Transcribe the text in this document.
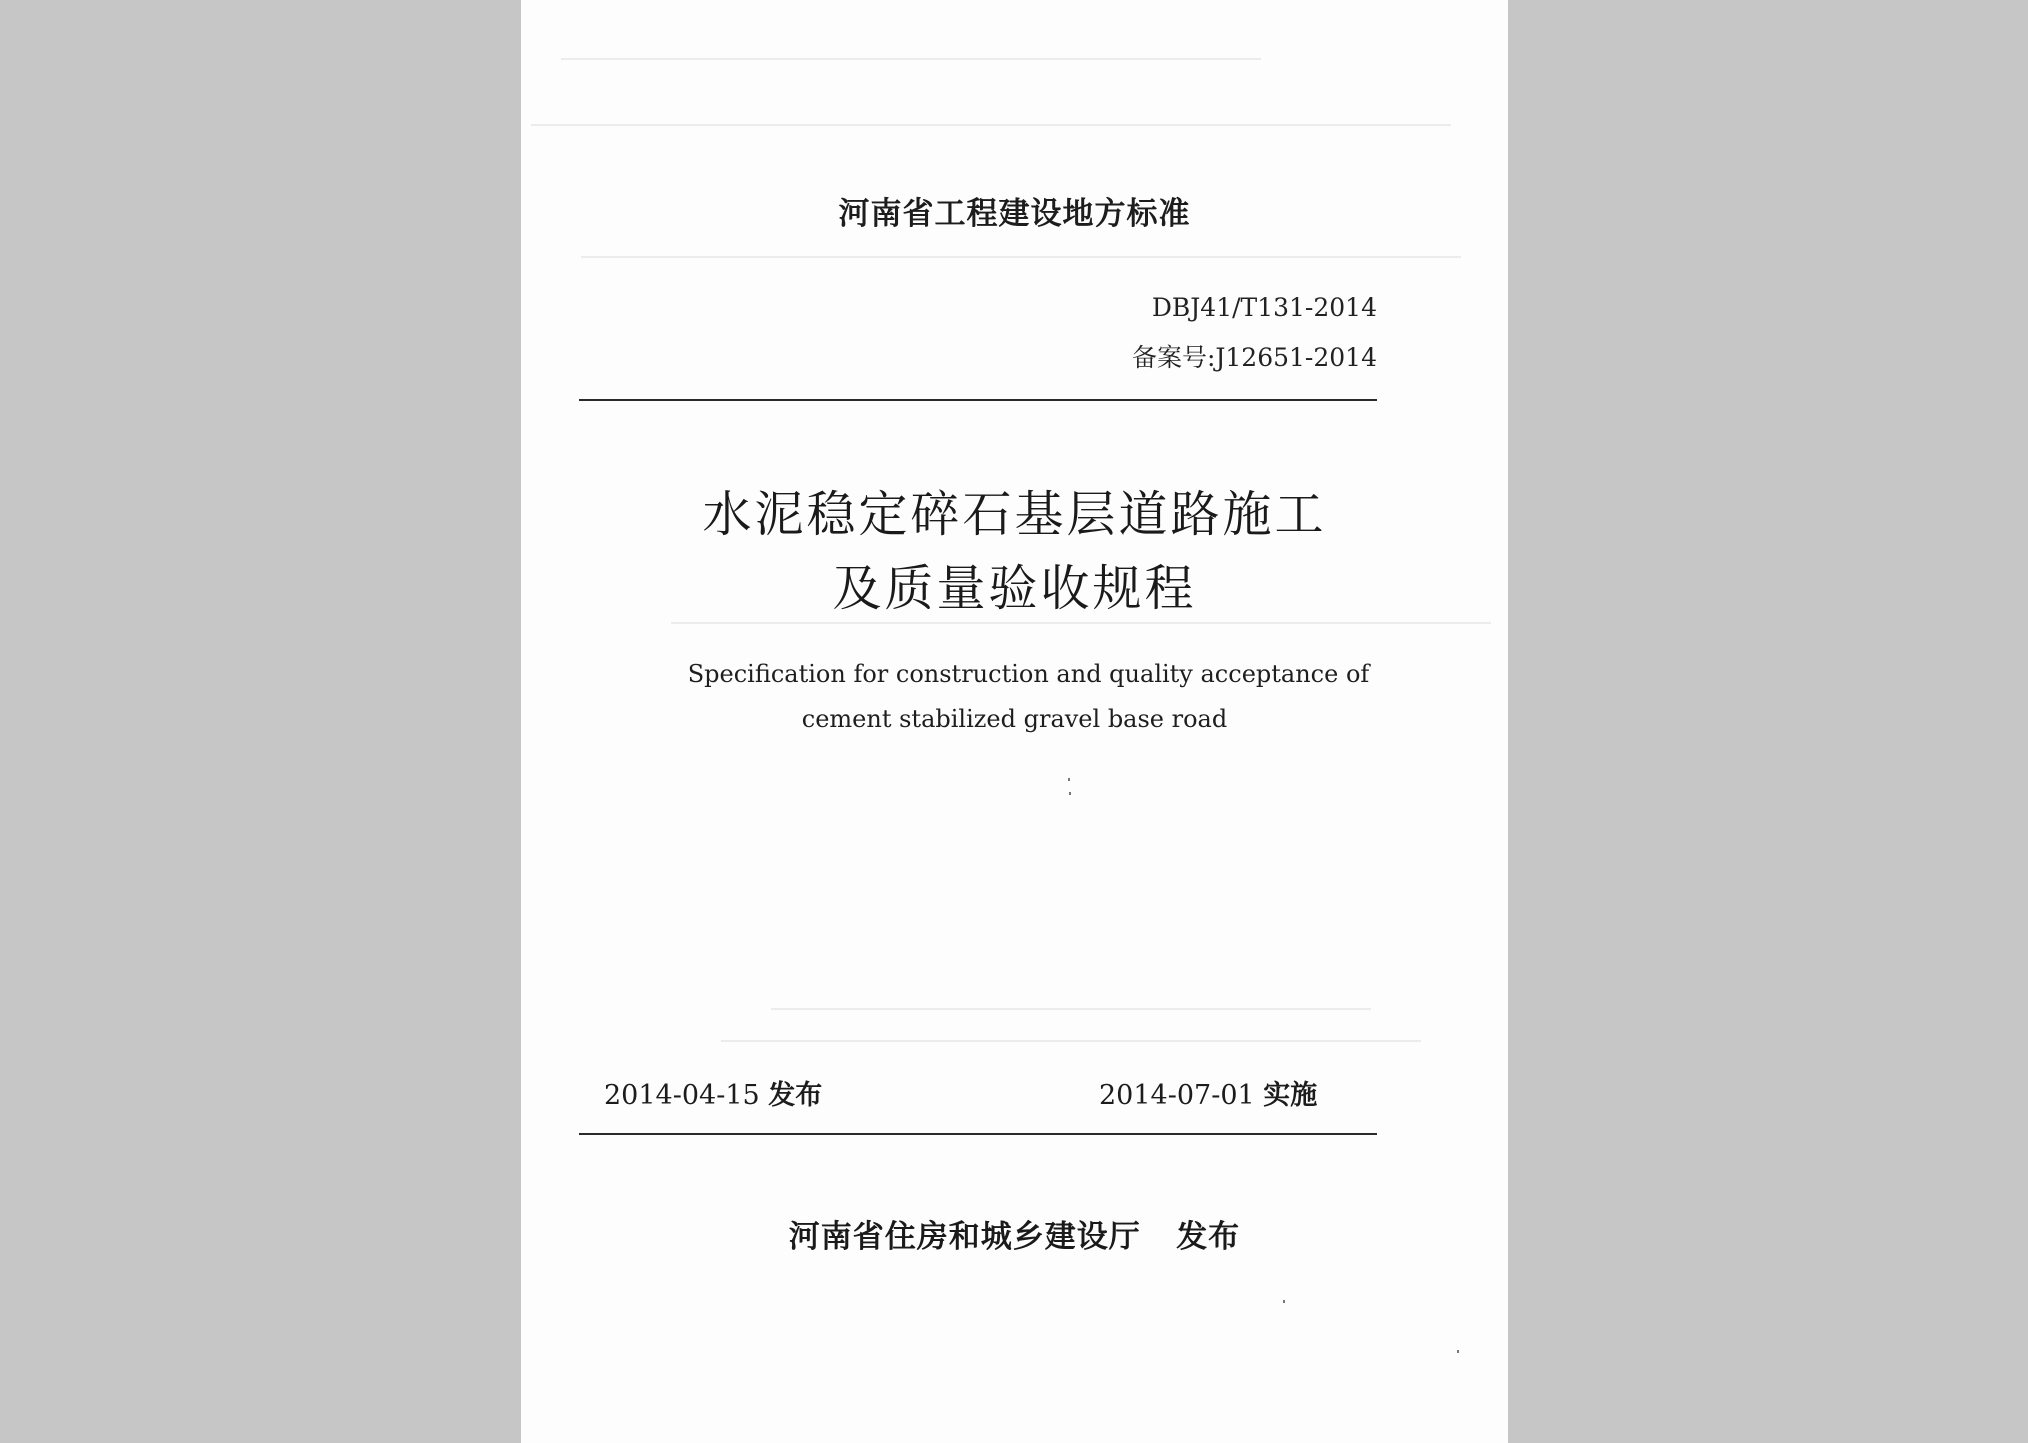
河南省工程建设地方标准
DBJ41/T131-2014
备案号:J12651-2014
水泥稳定碎石基层道路施工
及质量验收规程
Specification for construction and quality acceptance of
cement stabilized gravel base road
2014-04-15 发布	2014-07-01 实施
河南省住房和城乡建设厅 发布
